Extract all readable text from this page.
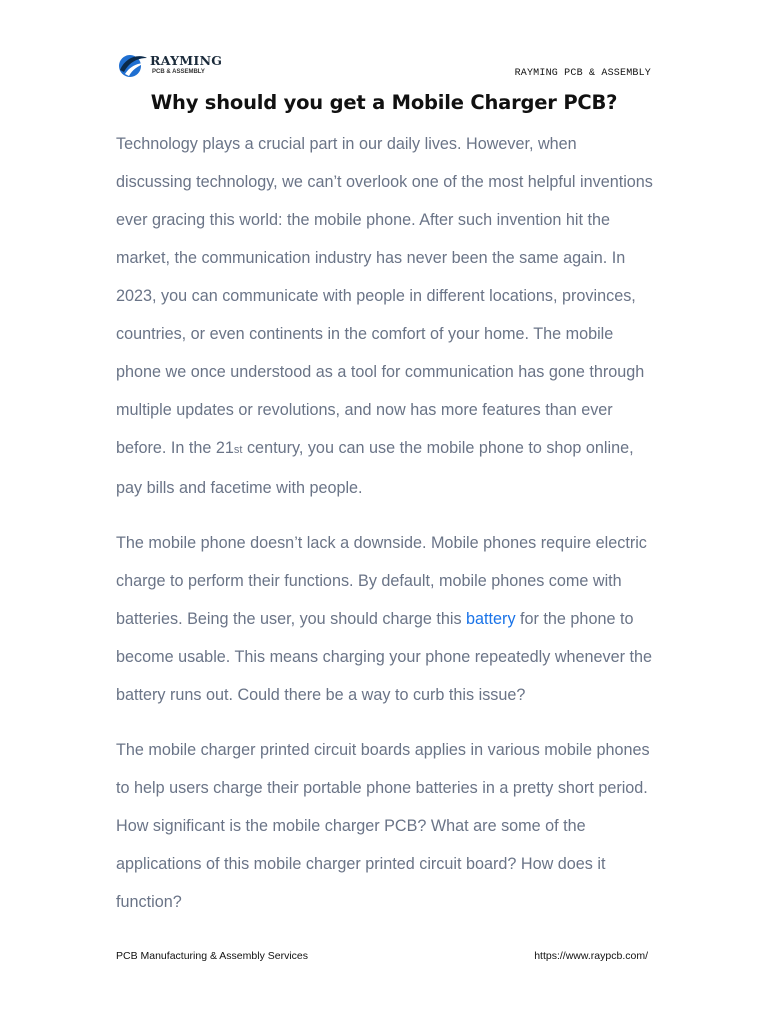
RAYMING
PCB & ASSEMBLY	RAYMING PCB & ASSEMBLY
Why should you get a Mobile Charger PCB?

Technology plays a crucial part in our daily lives. However, when discussing technology, we can’t overlook one of the most helpful inventions ever gracing this world: the mobile phone. After such invention hit the market, the communication industry has never been the same again. In 2023, you can communicate with people in different locations, provinces, countries, or even continents in the comfort of your home. The mobile phone we once understood as a tool for communication has gone through multiple updates or revolutions, and now has more features than ever before. In the 21st century, you can use the mobile phone to shop online, pay bills and facetime with people.

The mobile phone doesn’t lack a downside. Mobile phones require electric charge to perform their functions. By default, mobile phones come with batteries. Being the user, you should charge this battery for the phone to become usable. This means charging your phone repeatedly whenever the battery runs out. Could there be a way to curb this issue?

The mobile charger printed circuit boards applies in various mobile phones to help users charge their portable phone batteries in a pretty short period. How significant is the mobile charger PCB? What are some of the applications of this mobile charger printed circuit board? How does it function?

PCB Manufacturing & Assembly Services	https://www.raypcb.com/
